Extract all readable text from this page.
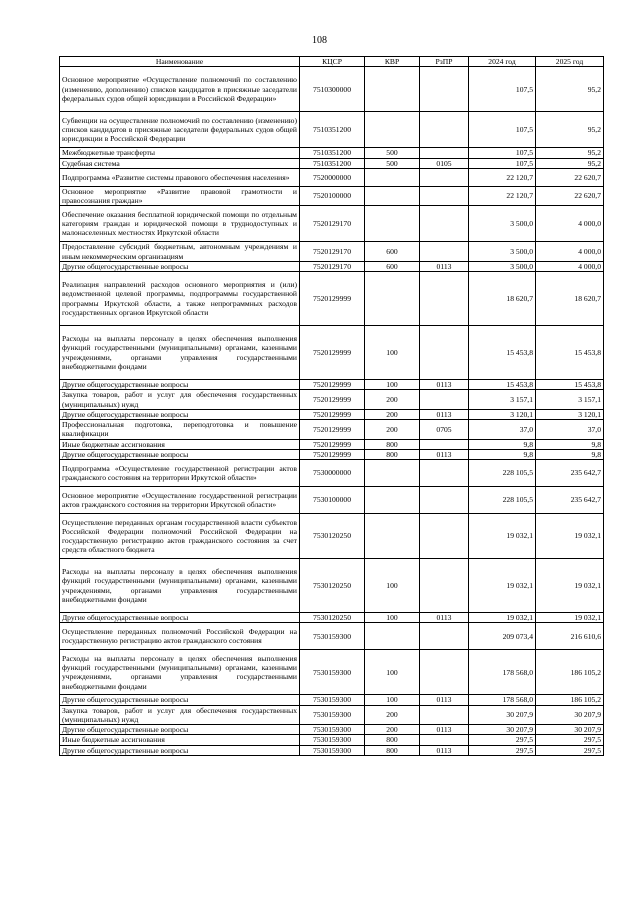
108
Наименование	КЦСР	КВР	РзПР	2024 год	2025 год
Основное мероприятие «Осуществление полномочий по составлению (изменению, дополнению) списков кандидатов в присяжные заседатели федеральных судов общей юрисдикции в Российской Федерации»	7510300000			107,5	95,2
Субвенции на осуществление полномочий по составлению (изменению) списков кандидатов в присяжные заседатели федеральных судов общей юрисдикции в Российской Федерации	7510351200			107,5	95,2
Межбюджетные трансферты	7510351200	500		107,5	95,2
Судебная система	7510351200	500	0105	107,5	95,2
Подпрограмма «Развитие системы правового обеспечения населения»	7520000000			22 120,7	22 620,7
Основное мероприятие «Развитие правовой грамотности и правосознания граждан»	7520100000			22 120,7	22 620,7
Обеспечение оказания бесплатной юридической помощи по отдельным категориям граждан и юридической помощи в труднодоступных и малонаселенных местностях Иркутской области	7520129170			3 500,0	4 000,0
Предоставление субсидий бюджетным, автономным учреждениям и иным некоммерческим организациям	7520129170	600		3 500,0	4 000,0
Другие общегосударственные вопросы	7520129170	600	0113	3 500,0	4 000,0
Реализация направлений расходов основного мероприятия и (или) ведомственной целевой программы, подпрограммы государственной программы Иркутской области, а также непрограммных расходов государственных органов Иркутской области	7520129999			18 620,7	18 620,7
Расходы на выплаты персоналу в целях обеспечения выполнения функций государственными (муниципальными) органами, казенными учреждениями, органами управления государственными внебюджетными фондами	7520129999	100		15 453,8	15 453,8
Другие общегосударственные вопросы	7520129999	100	0113	15 453,8	15 453,8
Закупка товаров, работ и услуг для обеспечения государственных (муниципальных) нужд	7520129999	200		3 157,1	3 157,1
Другие общегосударственные вопросы	7520129999	200	0113	3 120,1	3 120,1
Профессиональная подготовка, переподготовка и повышение квалификации	7520129999	200	0705	37,0	37,0
Иные бюджетные ассигнования	7520129999	800		9,8	9,8
Другие общегосударственные вопросы	7520129999	800	0113	9,8	9,8
Подпрограмма «Осуществление государственной регистрации актов гражданского состояния на территории Иркутской области»	7530000000			228 105,5	235 642,7
Основное мероприятие «Осуществление государственной регистрации актов гражданского состояния на территории Иркутской области»	7530100000			228 105,5	235 642,7
Осуществление переданных органам государственной власти субъектов Российской Федерации полномочий Российской Федерации на государственную регистрацию актов гражданского состояния за счет средств областного бюджета	7530120250			19 032,1	19 032,1
Расходы на выплаты персоналу в целях обеспечения выполнения функций государственными (муниципальными) органами, казенными учреждениями, органами управления государственными внебюджетными фондами	7530120250	100		19 032,1	19 032,1
Другие общегосударственные вопросы	7530120250	100	0113	19 032,1	19 032,1
Осуществление переданных полномочий Российской Федерации на государственную регистрацию актов гражданского состояния	7530159300			209 073,4	216 610,6
Расходы на выплаты персоналу в целях обеспечения выполнения функций государственными (муниципальными) органами, казенными учреждениями, органами управления государственными внебюджетными фондами	7530159300	100		178 568,0	186 105,2
Другие общегосударственные вопросы	7530159300	100	0113	178 568,0	186 105,2
Закупка товаров, работ и услуг для обеспечения государственных (муниципальных) нужд	7530159300	200		30 207,9	30 207,9
Другие общегосударственные вопросы	7530159300	200	0113	30 207,9	30 207,9
Иные бюджетные ассигнования	7530159300	800		297,5	297,5
Другие общегосударственные вопросы	7530159300	800	0113	297,5	297,5
